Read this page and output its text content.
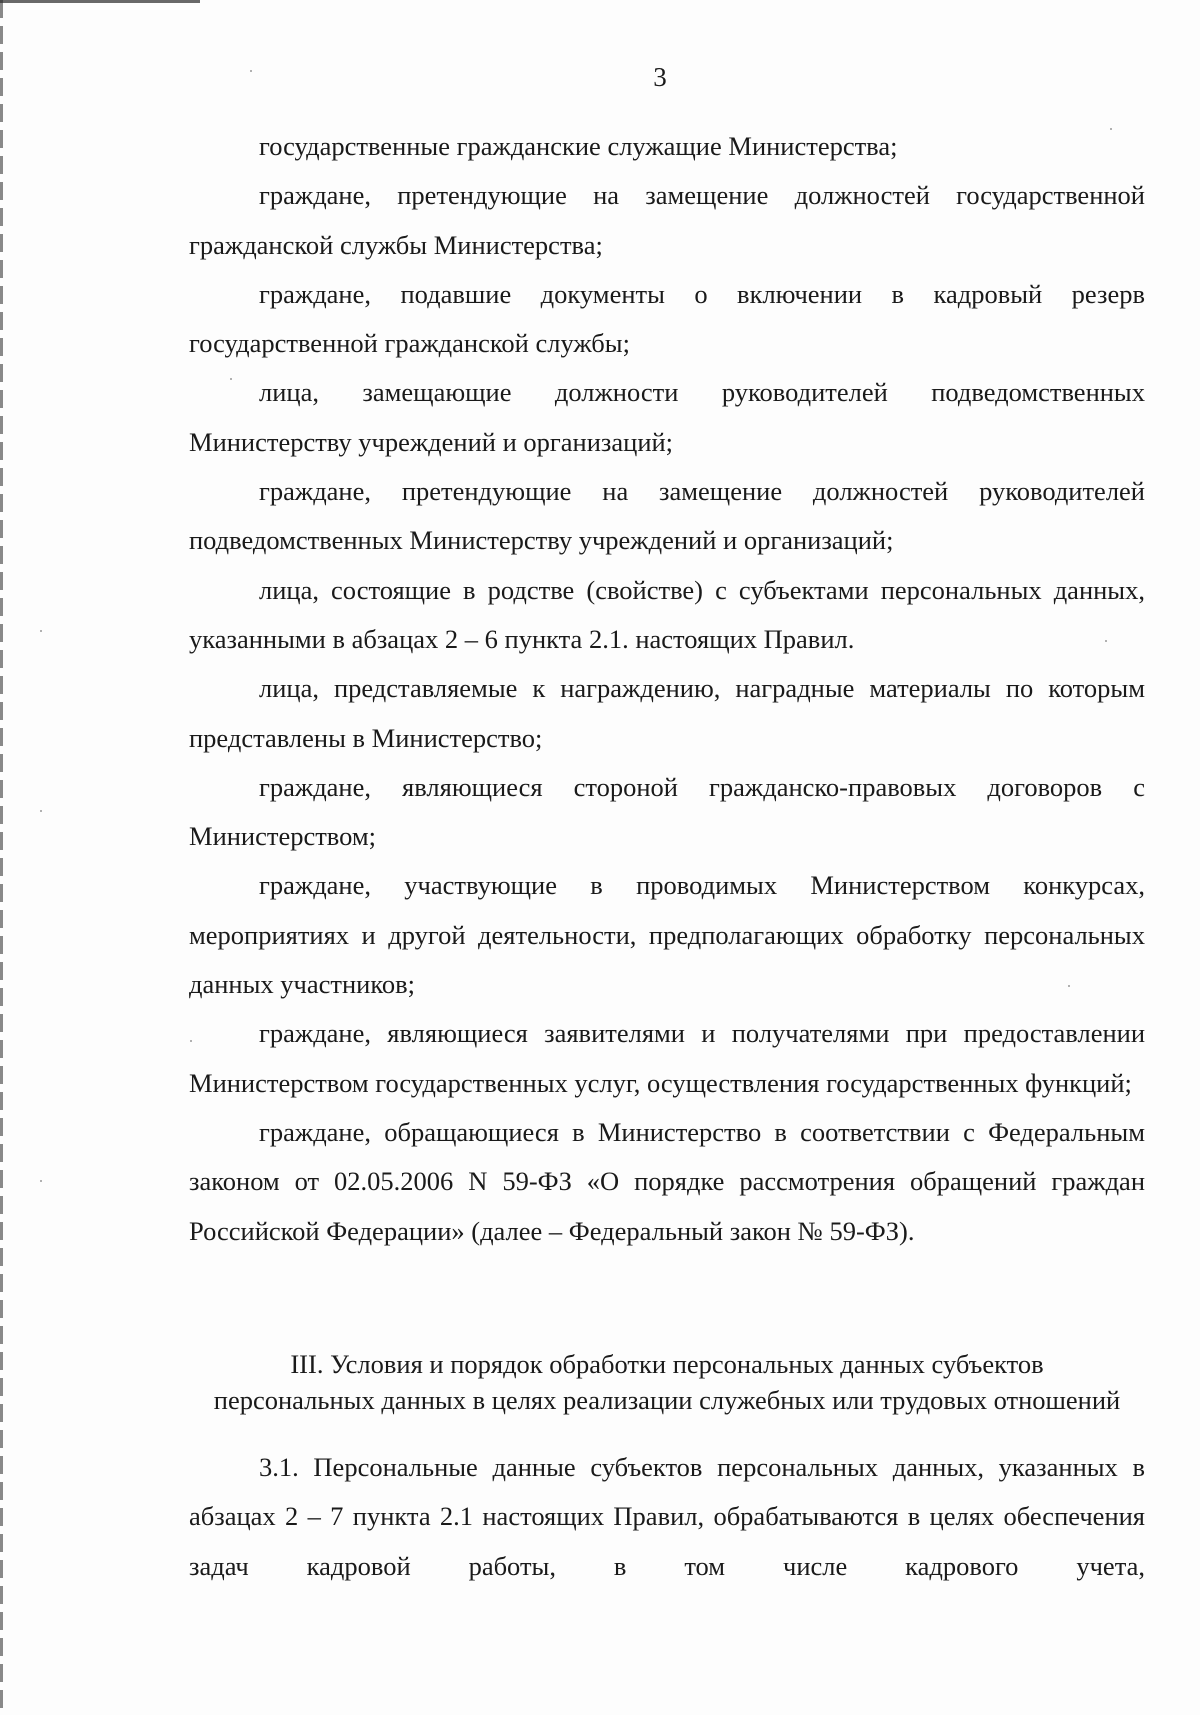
3

государственные гражданские служащие Министерства;

граждане, претендующие на замещение должностей государственной гражданской службы Министерства;

граждане, подавшие документы о включении в кадровый резерв государственной гражданской службы;

лица, замещающие должности руководителей подведомственных Министерству учреждений и организаций;

граждане, претендующие на замещение должностей руководителей подведомственных Министерству учреждений и организаций;

лица, состоящие в родстве (свойстве) с субъектами персональных данных, указанными в абзацах 2 – 6 пункта 2.1. настоящих Правил.

лица, представляемые к награждению, наградные материалы по которым представлены в Министерство;

граждане, являющиеся стороной гражданско-правовых договоров с Министерством;

граждане, участвующие в проводимых Министерством конкурсах, мероприятиях и другой деятельности, предполагающих обработку персональных данных участников;

граждане, являющиеся заявителями и получателями при предоставлении Министерством государственных услуг, осуществления государственных функций;

граждане, обращающиеся в Министерство в соответствии с Федеральным законом от 02.05.2006 N 59-ФЗ «О порядке рассмотрения обращений граждан Российской Федерации» (далее – Федеральный закон № 59-ФЗ).

III. Условия и порядок обработки персональных данных субъектов
персональных данных в целях реализации служебных или трудовых отношений

3.1. Персональные данные субъектов персональных данных, указанных в абзацах 2 – 7 пункта 2.1 настоящих Правил, обрабатываются в целях обеспечения задач кадровой работы, в том числе кадрового учета,
